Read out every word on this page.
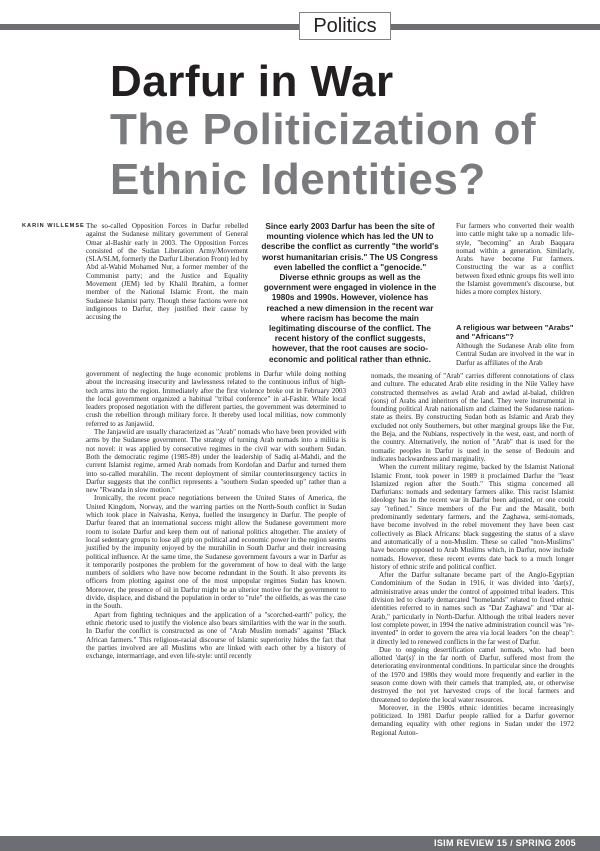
Politics
Darfur in War
The Politicization of Ethnic Identities?
KARIN WILLEMSE The so-called Opposition Forces in Darfur rebelled against the Sudanese military government of General Omar al-Bashir early in 2003. The Opposition Forces consisted of the Sudan Liberation Army/Movement (SLA/SLM, formerly the Darfur Liberation Front) led by Abd al-Wahid Mohamed Nur, a former member of the Communist party; and the Justice and Equality Movement (JEM) led by Khalil Ibrahim, a former member of the National Islamic Front, the main Sudanese Islamist party. Though these factions were not indigenous to Darfur, they justified their cause by accusing the

Since early 2003 Darfur has been the site of mounting violence which has led the UN to describe the conflict as currently "the world's worst humanitarian crisis." The US Congress even labelled the conflict a "genocide." Diverse ethnic groups as well as the government were engaged in violence in the 1980s and 1990s. However, violence has reached a new dimension in the recent war where racism has become the main legitimating discourse of the conflict. The recent history of the conflict suggests, however, that the root causes are socio-economic and political rather than ethnic.

Fur farmers who converted their wealth into cattle might take up a nomadic life-style, "becoming" an Arab Baqqara nomad within a generation. Similarly, Arabs have become Fur farmers. Constructing the war as a conflict between fixed ethnic groups fits well into the Islamist government's discourse, but hides a more complex history.

A religious war between "Arabs" and "Africans"?

Although the Sudanese Arab elite from Central Sudan are involved in the war in Darfur as affiliates of the Arab

government of neglecting the huge economic problems in Darfur while doing nothing about the increasing insecurity and lawlessness related to the continuous influx of high-tech arms into the region. Immediately after the first violence broke out in February 2003 the local government organized a habitual "tribal conference" in al-Fashir. While local leaders proposed negotiation with the different parties, the government was determined to crush the rebellion through military force. It thereby used local militias, now commonly referred to as Janjawiid.

The Janjawiid are usually characterized as "Arab" nomads who have been provided with arms by the Sudanese government. The strategy of turning Arab nomads into a militia is not novel: it was applied by consecutive regimes in the civil war with southern Sudan. Both the democratic regime (1985-89) under the leadership of Sadiq al-Mahdi, and the current Islamist regime, armed Arab nomads from Kordofan and Darfur and turned them into so-called murahilin. The recent deployment of similar counterinsurgency tactics in Darfur suggests that the conflict represents a "southern Sudan speeded up" rather than a new "Rwanda in slow motion."

Ironically, the recent peace negotiations between the United States of America, the United Kingdom, Norway, and the warring parties on the North-South conflict in Sudan which took place in Naivasha, Kenya, fuelled the insurgency in Darfur. The people of Darfur feared that an international success might allow the Sudanese government more room to isolate Darfur and keep them out of national politics altogether. The anxiety of local sedentary groups to lose all grip on political and economic power in the region seems justified by the impunity enjoyed by the murahilin in South Darfur and their increasing political influence. At the same time, the Sudanese government favours a war in Darfur as it temporarily postpones the problem for the government of how to deal with the large numbers of soldiers who have now become redundant in the South. It also prevents its officers from plotting against one of the most unpopular regimes Sudan has known. Moreover, the presence of oil in Darfur might be an ulterior motive for the government to divide, displace, and disband the population in order to "rule" the oilfields, as was the case in the South.

Apart from fighting techniques and the application of a "scorched-earth" policy, the ethnic rhetoric used to justify the violence also bears similarities with the war in the south. In Darfur the conflict is constructed as one of "Arab Muslim nomads" against "Black African farmers." This religious-racial discourse of Islamic superiority hides the fact that the parties involved are all Muslims who are linked with each other by a history of exchange, intermarriage, and even life-style: until recently

nomads, the meaning of "Arab" carries different connotations of class and culture. The educated Arab elite residing in the Nile Valley have constructed themselves as awlad Arab and awlad al-balad, children (sons) of Arabs and inheritors of the land. They were instrumental in founding political Arab nationalism and claimed the Sudanese nation-state as theirs. By constructing Sudan both as Islamic and Arab they excluded not only Southerners, but other marginal groups like the Fur, the Beja, and the Nubians, respectively in the west, east, and north of the country. Alternatively, the notion of "Arab" that is used for the nomadic peoples in Darfur is used in the sense of Bedouin and indicates backwardness and marginality.

When the current military regime, backed by the Islamist National Islamic Front, took power in 1989 it proclaimed Darfur the "least Islamized region after the South." This stigma concerned all Darfurians: nomads and sedentary farmers alike. This racist Islamist ideology has in the recent war in Darfur been adjusted, or one could say "refined." Since members of the Fur and the Masalit, both predominantly sedentary farmers, and the Zaghawa, semi-nomads, have become involved in the rebel movement they have been cast collectively as Black Africans: black suggesting the status of a slave and automatically of a non-Muslim. These so called "non-Muslims" have become opposed to Arab Muslims which, in Darfur, now include nomads. However, these recent events date back to a much longer history of ethnic strife and political conflict.

After the Darfur sultanate became part of the Anglo-Egyptian Condominium of the Sudan in 1916, it was divided into 'dar(s)', administrative areas under the control of appointed tribal leaders. This division led to clearly demarcated "homelands" related to fixed ethnic identities referred to in names such as "Dar Zaghawa" and "Dar al-Arab," particularly in North-Darfur. Although the tribal leaders never lost complete power, in 1994 the native administration council was "re-invented" in order to govern the area via local leaders "on the cheap": it directly led to renewed conflicts in the far west of Darfur.

Due to ongoing desertification camel nomads, who had been allotted 'dar(s)' in the far north of Darfur, suffered most from the deteriorating environmental conditions. In particular since the droughts of the 1970 and 1980s they would more frequently and earlier in the season come down with their camels that trampled, ate, or otherwise destroyed the not yet harvested crops of the local farmers and threatened to deplete the local water resources.

Moreover, in the 1980s ethnic identities became increasingly politicized. In 1981 Darfur people rallied for a Darfur governor demanding equality with other regions in Sudan under the 1972 Regional Auton-

ISIM REVIEW 15 / SPRING 2005
